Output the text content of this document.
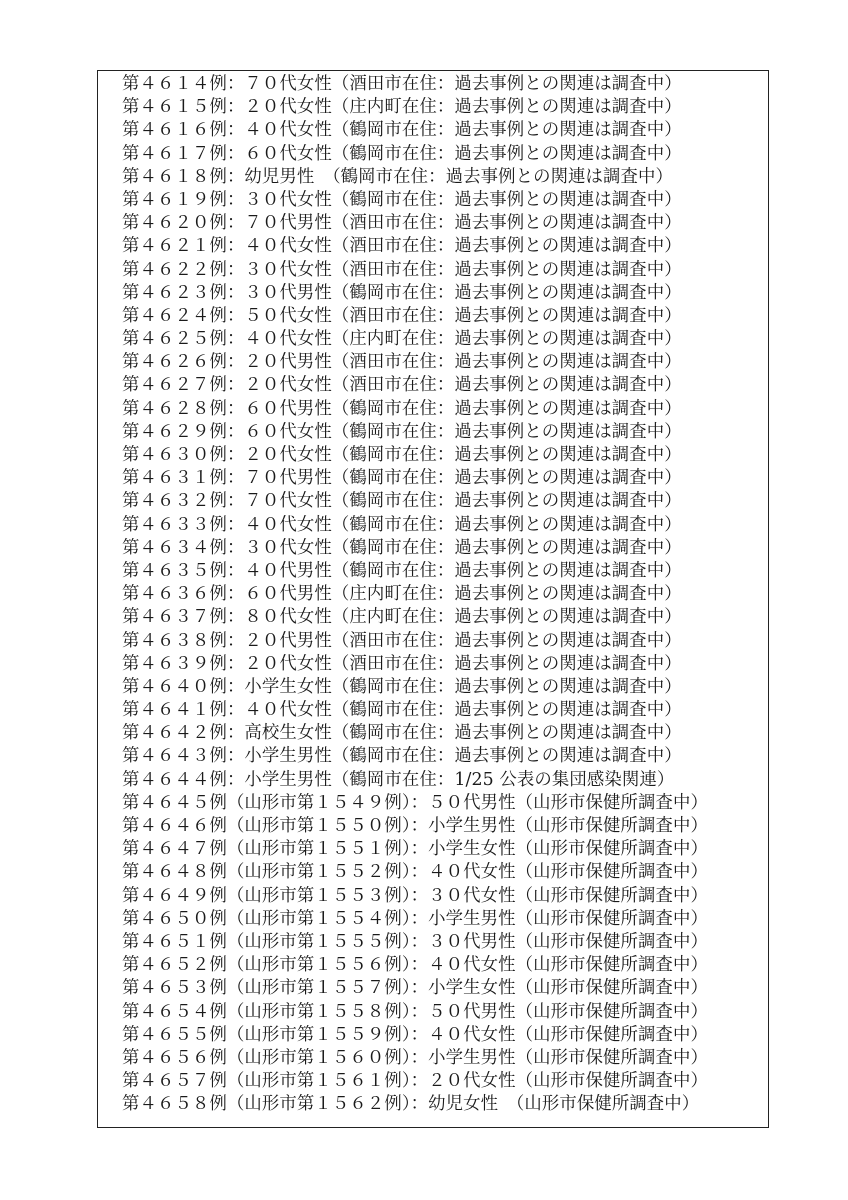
第４６１４例：７０代女性（酒田市在住：過去事例との関連は調査中）
第４６１５例：２０代女性（庄内町在住：過去事例との関連は調査中）
第４６１６例：４０代女性（鶴岡市在住：過去事例との関連は調査中）
第４６１７例：６０代女性（鶴岡市在住：過去事例との関連は調査中）
第４６１８例：幼児男性　（鶴岡市在住：過去事例との関連は調査中）
第４６１９例：３０代女性（鶴岡市在住：過去事例との関連は調査中）
第４６２０例：７０代男性（酒田市在住：過去事例との関連は調査中）
第４６２１例：４０代女性（酒田市在住：過去事例との関連は調査中）
第４６２２例：３０代女性（酒田市在住：過去事例との関連は調査中）
第４６２３例：３０代男性（鶴岡市在住：過去事例との関連は調査中）
第４６２４例：５０代女性（酒田市在住：過去事例との関連は調査中）
第４６２５例：４０代女性（庄内町在住：過去事例との関連は調査中）
第４６２６例：２０代男性（酒田市在住：過去事例との関連は調査中）
第４６２７例：２０代女性（酒田市在住：過去事例との関連は調査中）
第４６２８例：６０代男性（鶴岡市在住：過去事例との関連は調査中）
第４６２９例：６０代女性（鶴岡市在住：過去事例との関連は調査中）
第４６３０例：２０代女性（鶴岡市在住：過去事例との関連は調査中）
第４６３１例：７０代男性（鶴岡市在住：過去事例との関連は調査中）
第４６３２例：７０代女性（鶴岡市在住：過去事例との関連は調査中）
第４６３３例：４０代女性（鶴岡市在住：過去事例との関連は調査中）
第４６３４例：３０代女性（鶴岡市在住：過去事例との関連は調査中）
第４６３５例：４０代男性（鶴岡市在住：過去事例との関連は調査中）
第４６３６例：６０代男性（庄内町在住：過去事例との関連は調査中）
第４６３７例：８０代女性（庄内町在住：過去事例との関連は調査中）
第４６３８例：２０代男性（酒田市在住：過去事例との関連は調査中）
第４６３９例：２０代女性（酒田市在住：過去事例との関連は調査中）
第４６４０例：小学生女性（鶴岡市在住：過去事例との関連は調査中）
第４６４１例：４０代女性（鶴岡市在住：過去事例との関連は調査中）
第４６４２例：高校生女性（鶴岡市在住：過去事例との関連は調査中）
第４６４３例：小学生男性（鶴岡市在住：過去事例との関連は調査中）
第４６４４例：小学生男性（鶴岡市在住：1/25 公表の集団感染関連）
第４６４５例（山形市第１５４９例）：５０代男性（山形市保健所調査中）
第４６４６例（山形市第１５５０例）：小学生男性（山形市保健所調査中）
第４６４７例（山形市第１５５１例）：小学生女性（山形市保健所調査中）
第４６４８例（山形市第１５５２例）：４０代女性（山形市保健所調査中）
第４６４９例（山形市第１５５３例）：３０代女性（山形市保健所調査中）
第４６５０例（山形市第１５５４例）：小学生男性（山形市保健所調査中）
第４６５１例（山形市第１５５５例）：３０代男性（山形市保健所調査中）
第４６５２例（山形市第１５５６例）：４０代女性（山形市保健所調査中）
第４６５３例（山形市第１５５７例）：小学生女性（山形市保健所調査中）
第４６５４例（山形市第１５５８例）：５０代男性（山形市保健所調査中）
第４６５５例（山形市第１５５９例）：４０代女性（山形市保健所調査中）
第４６５６例（山形市第１５６０例）：小学生男性（山形市保健所調査中）
第４６５７例（山形市第１５６１例）：２０代女性（山形市保健所調査中）
第４６５８例（山形市第１５６２例）：幼児女性　（山形市保健所調査中）
